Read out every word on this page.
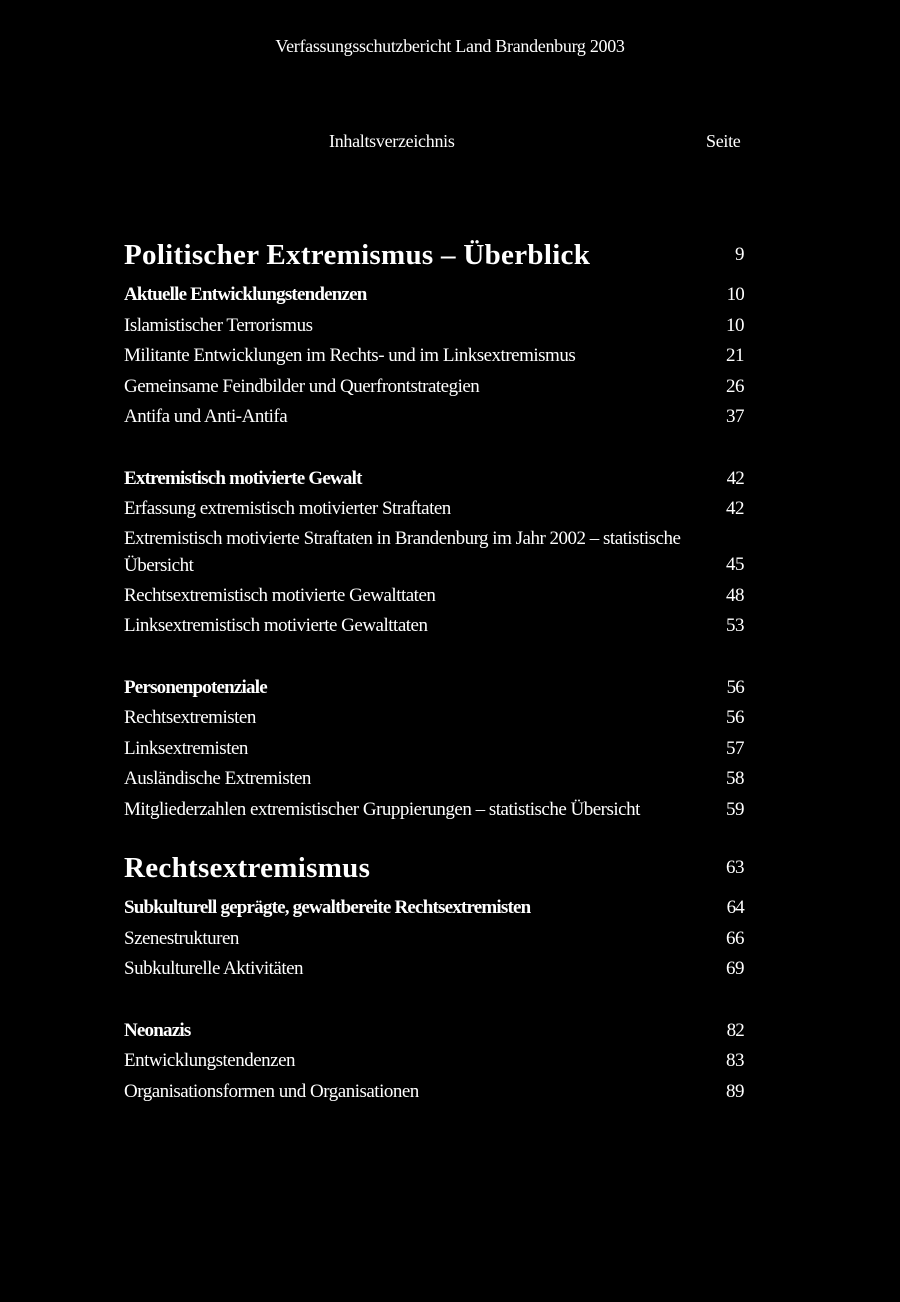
Verfassungsschutzbericht Land Brandenburg 2003
Inhaltsverzeichnis	Seite
Politischer Extremismus – Überblick	9
Aktuelle Entwicklungstendenzen	10
Islamistischer Terrorismus	10
Militante Entwicklungen im Rechts- und im Linksextremismus	21
Gemeinsame Feindbilder und Querfrontstrategien	26
Antifa und Anti-Antifa	37
Extremistisch motivierte Gewalt	42
Erfassung extremistisch motivierter Straftaten	42
Extremistisch motivierte Straftaten in Brandenburg im Jahr 2002 – statistische Übersicht	45
Rechtsextremistisch motivierte Gewalttaten	48
Linksextremistisch motivierte Gewalttaten	53
Personenpotenziale	56
Rechtsextremisten	56
Linksextremisten	57
Ausländische Extremisten	58
Mitgliederzahlen extremistischer Gruppierungen – statistische Übersicht	59
Rechtsextremismus	63
Subkulturell geprägte, gewaltbereite Rechtsextremisten	64
Szenestrukturen	66
Subkulturelle Aktivitäten	69
Neonazis	82
Entwicklungstendenzen	83
Organisationsformen und Organisationen	89
